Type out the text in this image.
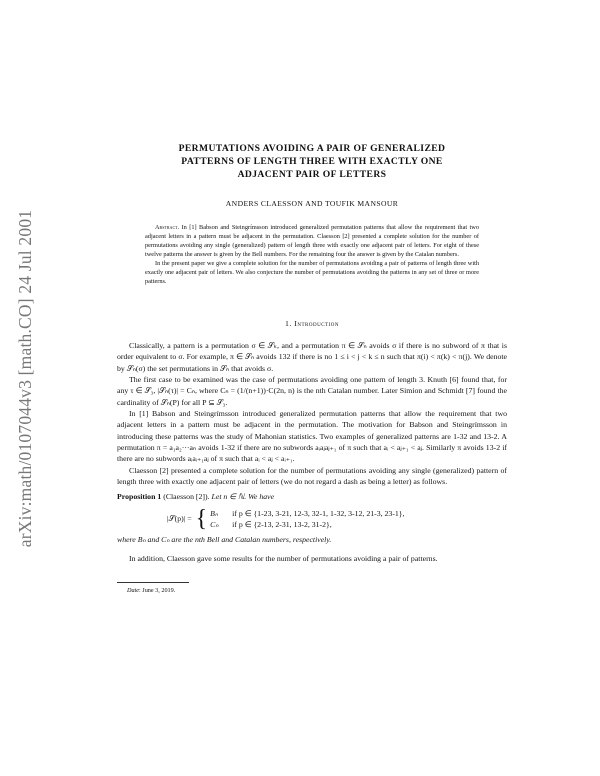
arXiv:math/0107044v3 [math.CO] 24 Jul 2001
PERMUTATIONS AVOIDING A PAIR OF GENERALIZED
PATTERNS OF LENGTH THREE WITH EXACTLY ONE
ADJACENT PAIR OF LETTERS
ANDERS CLAESSON AND TOUFIK MANSOUR

Abstract. In [1] Babson and Steingrímsson introduced generalized permutation patterns that allow the requirement that two adjacent letters in a pattern must be adjacent in the permutation. Claesson [2] presented a complete solution for the number of permutations avoiding any single (generalized) pattern of length three with exactly one adjacent pair of letters. For eight of these twelve patterns the answer is given by the Bell numbers. For the remaining four the answer is given by the Catalan numbers.

In the present paper we give a complete solution for the number of permutations avoiding a pair of patterns of length three with exactly one adjacent pair of letters. We also conjecture the number of permutations avoiding the patterns in any set of three or more patterns.

1. Introduction

Classically, a pattern is a permutation σ ∈ 𝒮ₖ, and a permutation π ∈ 𝒮ₙ avoids σ if there is no subword of π that is order equivalent to σ. For example, π ∈ 𝒮ₙ avoids 132 if there is no 1 ≤ i < j < k ≤ n such that π(i) < π(k) < π(j). We denote by 𝒮ₙ(σ) the set permutations in 𝒮ₙ that avoids σ.

The first case to be examined was the case of permutations avoiding one pattern of length 3. Knuth [6] found that, for any τ ∈ 𝒮₃, |𝒮ₙ(τ)| = Cₙ, where Cₙ = (1/(n+1))·C(2n, n) is the nth Catalan number. Later Simion and Schmidt [7] found the cardinality of 𝒮ₙ(P) for all P ⊆ 𝒮₃.

In [1] Babson and Steingrímsson introduced generalized permutation patterns that allow the requirement that two adjacent letters in a pattern must be adjacent in the permutation. The motivation for Babson and Steingrímsson in introducing these patterns was the study of Mahonian statistics. Two examples of generalized patterns are 1-32 and 13-2. A permutation π = a₁a₂···aₙ avoids 1-32 if there are no subwords aᵢaⱼaⱼ₊₁ of π such that aᵢ < aⱼ₊₁ < aⱼ. Similarly π avoids 13-2 if there are no subwords aᵢaᵢ₊₁aⱼ of π such that aᵢ < aⱼ < aᵢ₊₁.

Claesson [2] presented a complete solution for the number of permutations avoiding any single (generalized) pattern of length three with exactly one adjacent pair of letters (we do not regard a dash as being a letter) as follows.

Proposition 1 (Claesson [2]). Let n ∈ ℕ. We have
|𝒮(p)| = { Bₙ	if p ∈ {1-23, 3-21, 12-3, 32-1, 1-32, 3-12, 21-3, 23-1},
Cₙ	if p ∈ {2-13, 2-31, 13-2, 31-2},
where Bₙ and Cₙ are the nth Bell and Catalan numbers, respectively.

In addition, Claesson gave some results for the number of permutations avoiding a pair of patterns.

Date: June 3, 2019.
